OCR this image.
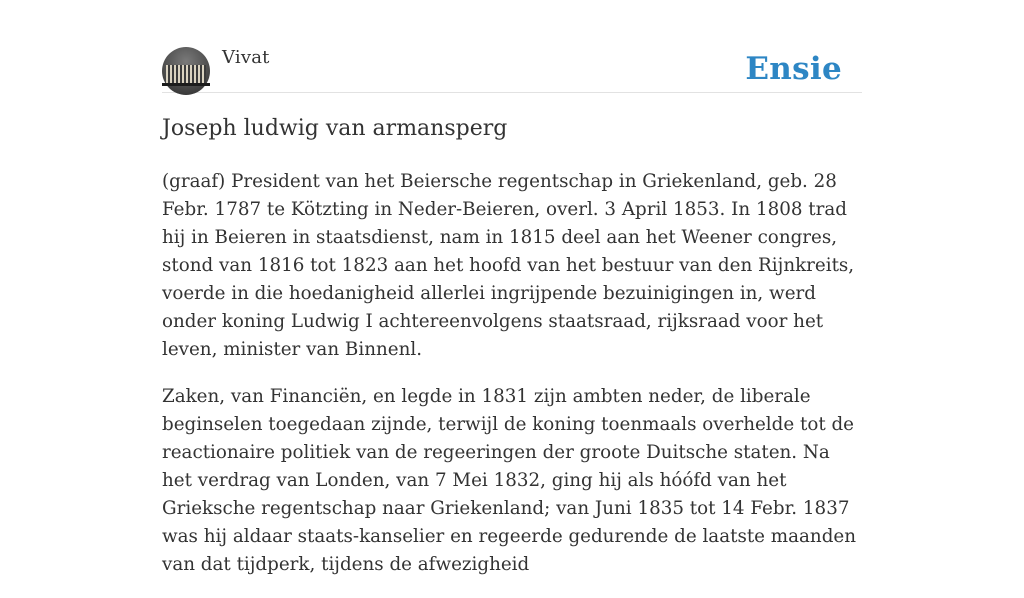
Vivat	Ensie
Joseph ludwig van armansperg

(graaf) President van het Beiersche regentschap in Griekenland, geb. 28 Febr. 1787 te Kötzting in Neder-Beieren, overl. 3 April 1853. In 1808 trad hij in Beieren in staatsdienst, nam in 1815 deel aan het Weener congres, stond van 1816 tot 1823 aan het hoofd van het bestuur van den Rijnkreits, voerde in die hoedanigheid allerlei ingrijpende bezuinigingen in, werd onder koning Ludwig I achtereenvolgens staatsraad, rijksraad voor het leven, minister van Binnenl.

Zaken, van Financiën, en legde in 1831 zijn ambten neder, de liberale beginselen toegedaan zijnde, terwijl de koning toenmaals overhelde tot de reactionaire politiek van de regeeringen der groote Duitsche staten. Na het verdrag van Londen, van 7 Mei 1832, ging hij als hóófd van het Grieksche regentschap naar Griekenland; van Juni 1835 tot 14 Febr. 1837 was hij aldaar staats-kanselier en regeerde gedurende de laatste maanden van dat tijdperk, tijdens de afwezigheid
